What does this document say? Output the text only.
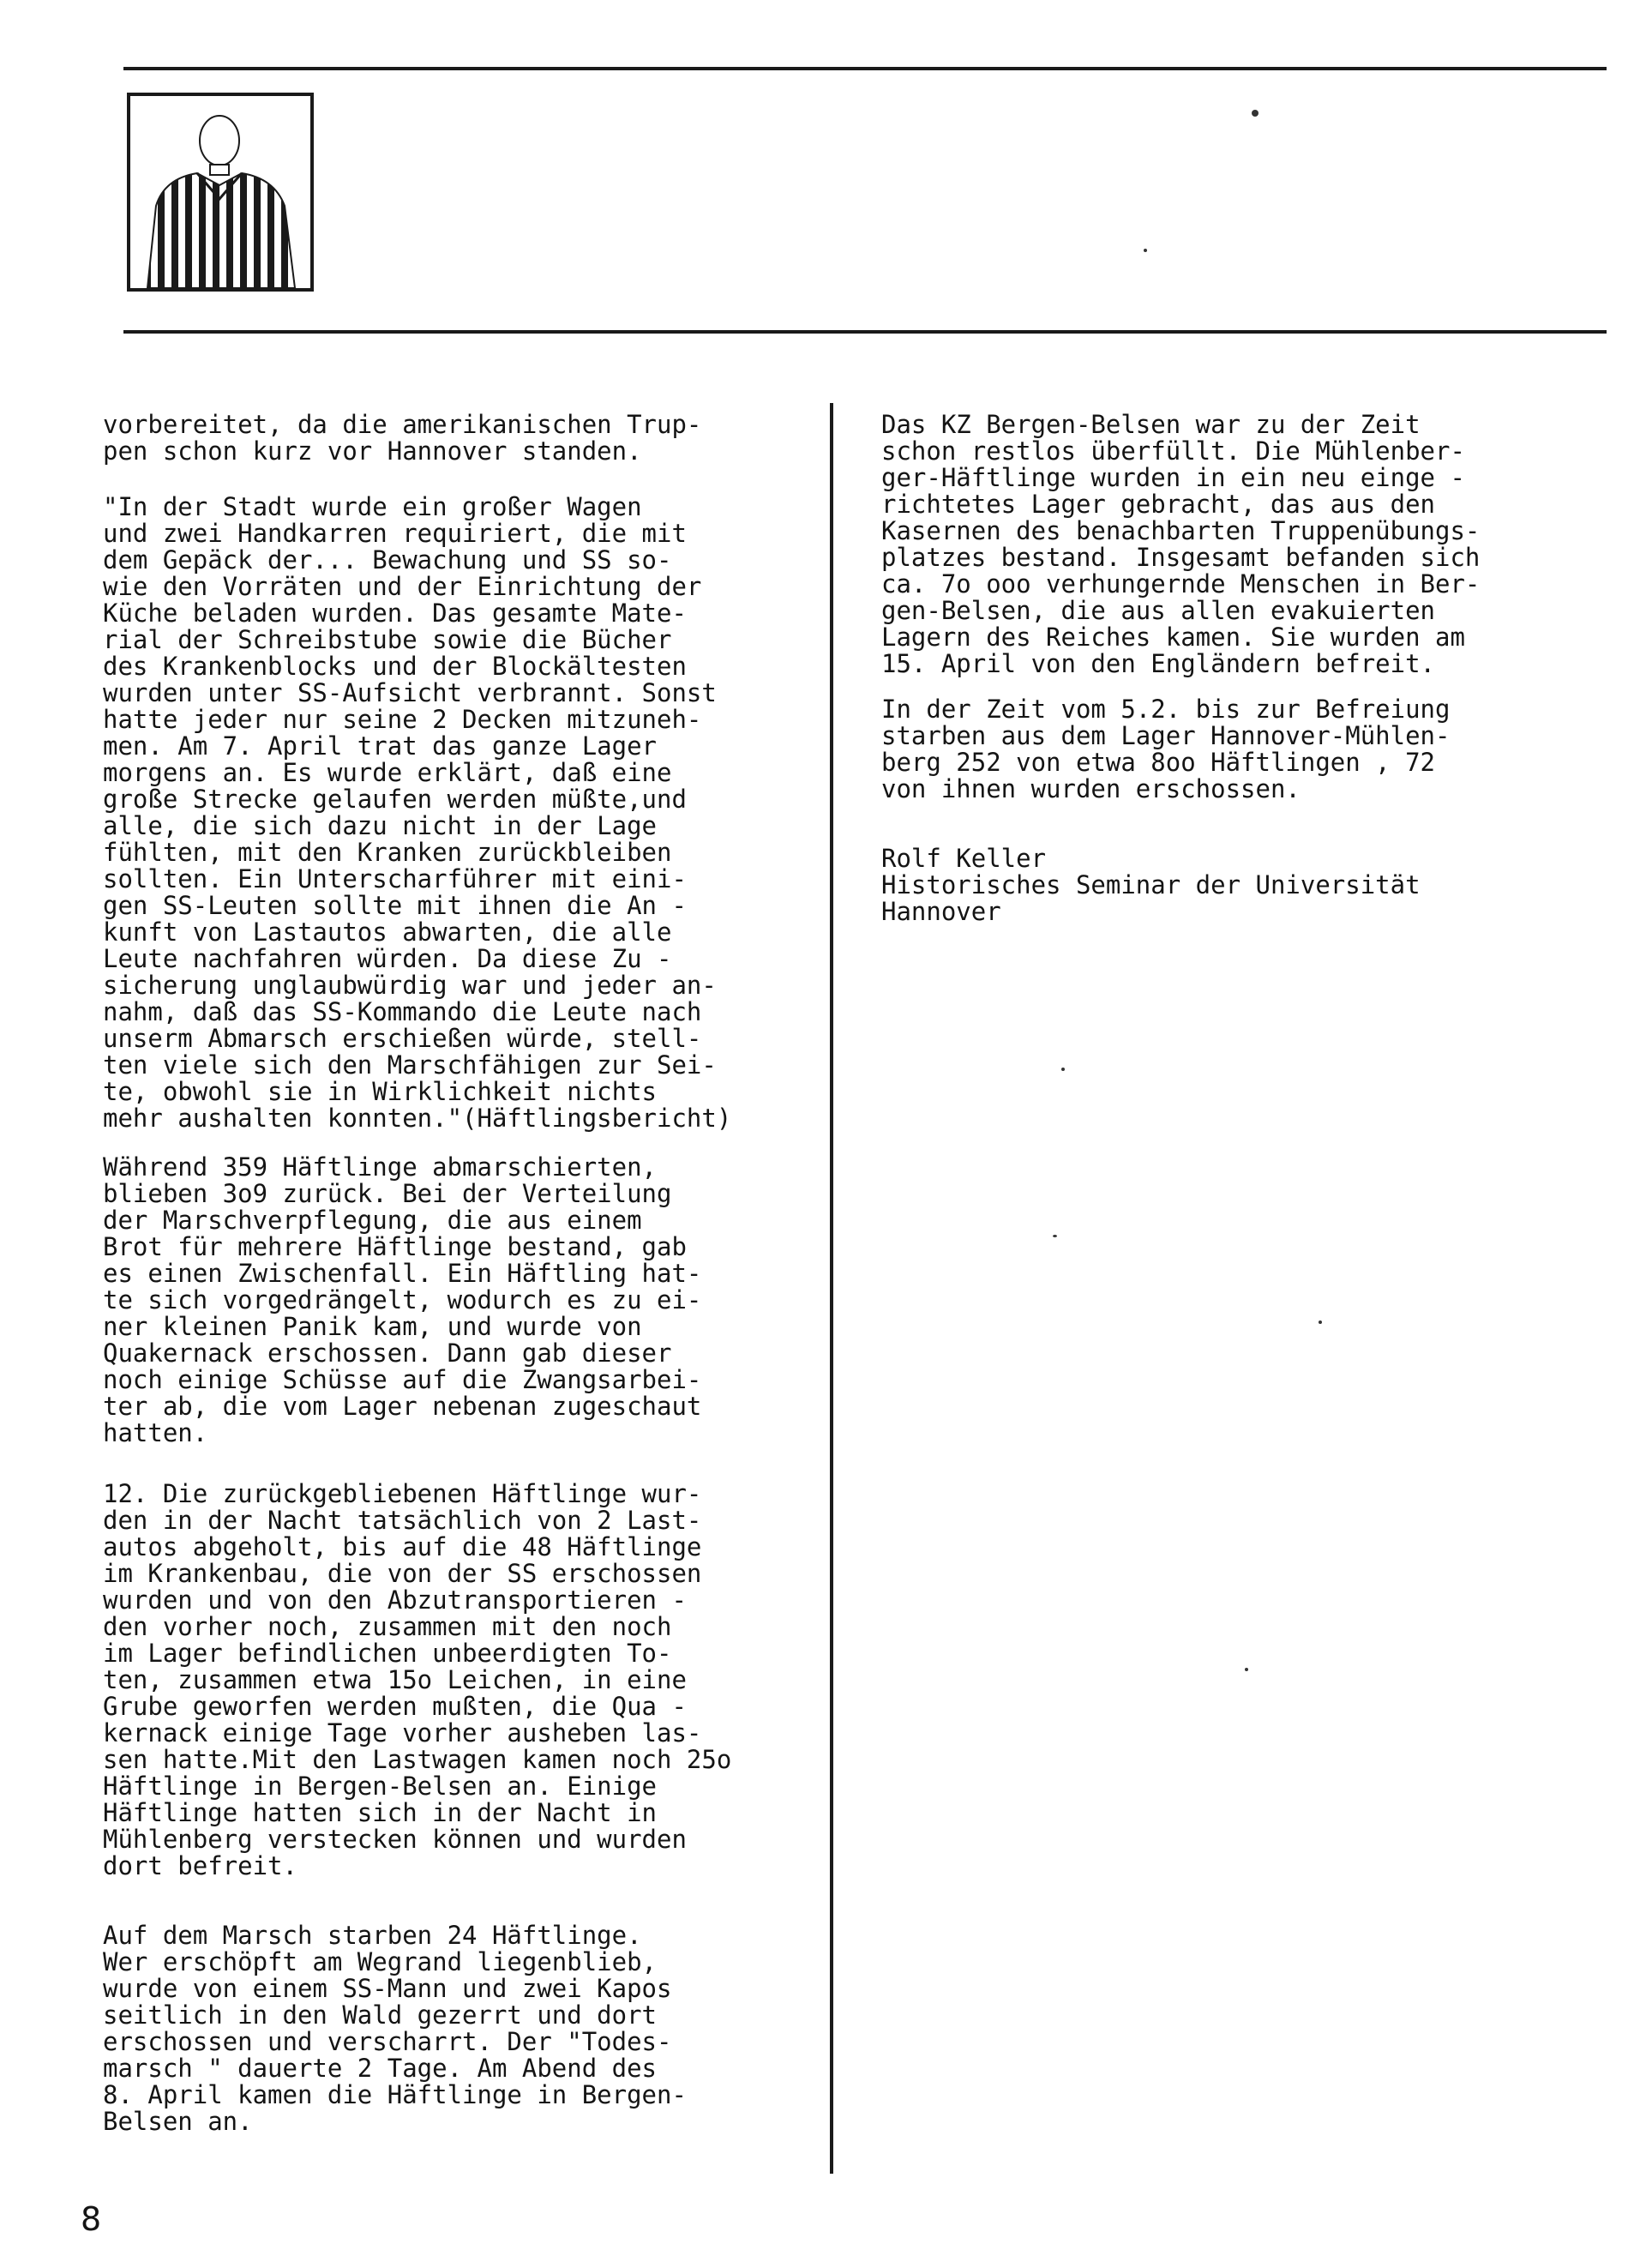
vorbereitet, da die amerikanischen Trup-
pen schon kurz vor Hannover standen.
"In der Stadt wurde ein großer Wagen
und zwei Handkarren requiriert, die mit
dem Gepäck der... Bewachung und SS so-
wie den Vorräten und der Einrichtung der
Küche beladen wurden. Das gesamte Mate-
rial der Schreibstube sowie die Bücher
des Krankenblocks und der Blockältesten
wurden unter SS-Aufsicht verbrannt. Sonst
hatte jeder nur seine 2 Decken mitzuneh-
men. Am 7. April trat das ganze Lager
morgens an. Es wurde erklärt, daß eine
große Strecke gelaufen werden müßte,und
alle, die sich dazu nicht in der Lage
fühlten, mit den Kranken zurückbleiben
sollten. Ein Unterscharführer mit eini-
gen SS-Leuten sollte mit ihnen die An -
kunft von Lastautos abwarten, die alle
Leute nachfahren würden. Da diese Zu -
sicherung unglaubwürdig war und jeder an-
nahm, daß das SS-Kommando die Leute nach
unserm Abmarsch erschießen würde, stell-
ten viele sich den Marschfähigen zur Sei-
te, obwohl sie in Wirklichkeit nichts
mehr aushalten konnten."(Häftlingsbericht)
Während 359 Häftlinge abmarschierten,
blieben 3o9 zurück. Bei der Verteilung
der Marschverpflegung, die aus einem
Brot für mehrere Häftlinge bestand, gab
es einen Zwischenfall. Ein Häftling hat-
te sich vorgedrängelt, wodurch es zu ei-
ner kleinen Panik kam, und wurde von
Quakernack erschossen. Dann gab dieser
noch einige Schüsse auf die Zwangsarbei-
ter ab, die vom Lager nebenan zugeschaut
hatten.
12. Die zurückgebliebenen Häftlinge wur-
den in der Nacht tatsächlich von 2 Last-
autos abgeholt, bis auf die 48 Häftlinge
im Krankenbau, die von der SS erschossen
wurden und von den Abzutransportieren -
den vorher noch, zusammen mit den noch
im Lager befindlichen unbeerdigten To-
ten, zusammen etwa 15o Leichen, in eine
Grube geworfen werden mußten, die Qua -
kernack einige Tage vorher ausheben las-
sen hatte.Mit den Lastwagen kamen noch 25o
Häftlinge in Bergen-Belsen an. Einige
Häftlinge hatten sich in der Nacht in
Mühlenberg verstecken können und wurden
dort befreit.
Auf dem Marsch starben 24 Häftlinge.
Wer erschöpft am Wegrand liegenblieb,
wurde von einem SS-Mann und zwei Kapos
seitlich in den Wald gezerrt und dort
erschossen und verscharrt. Der "Todes-
marsch " dauerte 2 Tage. Am Abend des
8. April kamen die Häftlinge in Bergen-
Belsen an.
Das KZ Bergen-Belsen war zu der Zeit
schon restlos überfüllt. Die Mühlenber-
ger-Häftlinge wurden in ein neu einge -
richtetes Lager gebracht, das aus den
Kasernen des benachbarten Truppenübungs-
platzes bestand. Insgesamt befanden sich
ca. 7o ooo verhungernde Menschen in Ber-
gen-Belsen, die aus allen evakuierten
Lagern des Reiches kamen. Sie wurden am
15. April von den Engländern befreit.
In der Zeit vom 5.2. bis zur Befreiung
starben aus dem Lager Hannover-Mühlen-
berg 252 von etwa 8oo Häftlingen , 72
von ihnen wurden erschossen.
Rolf Keller
Historisches Seminar der Universität
Hannover
8
